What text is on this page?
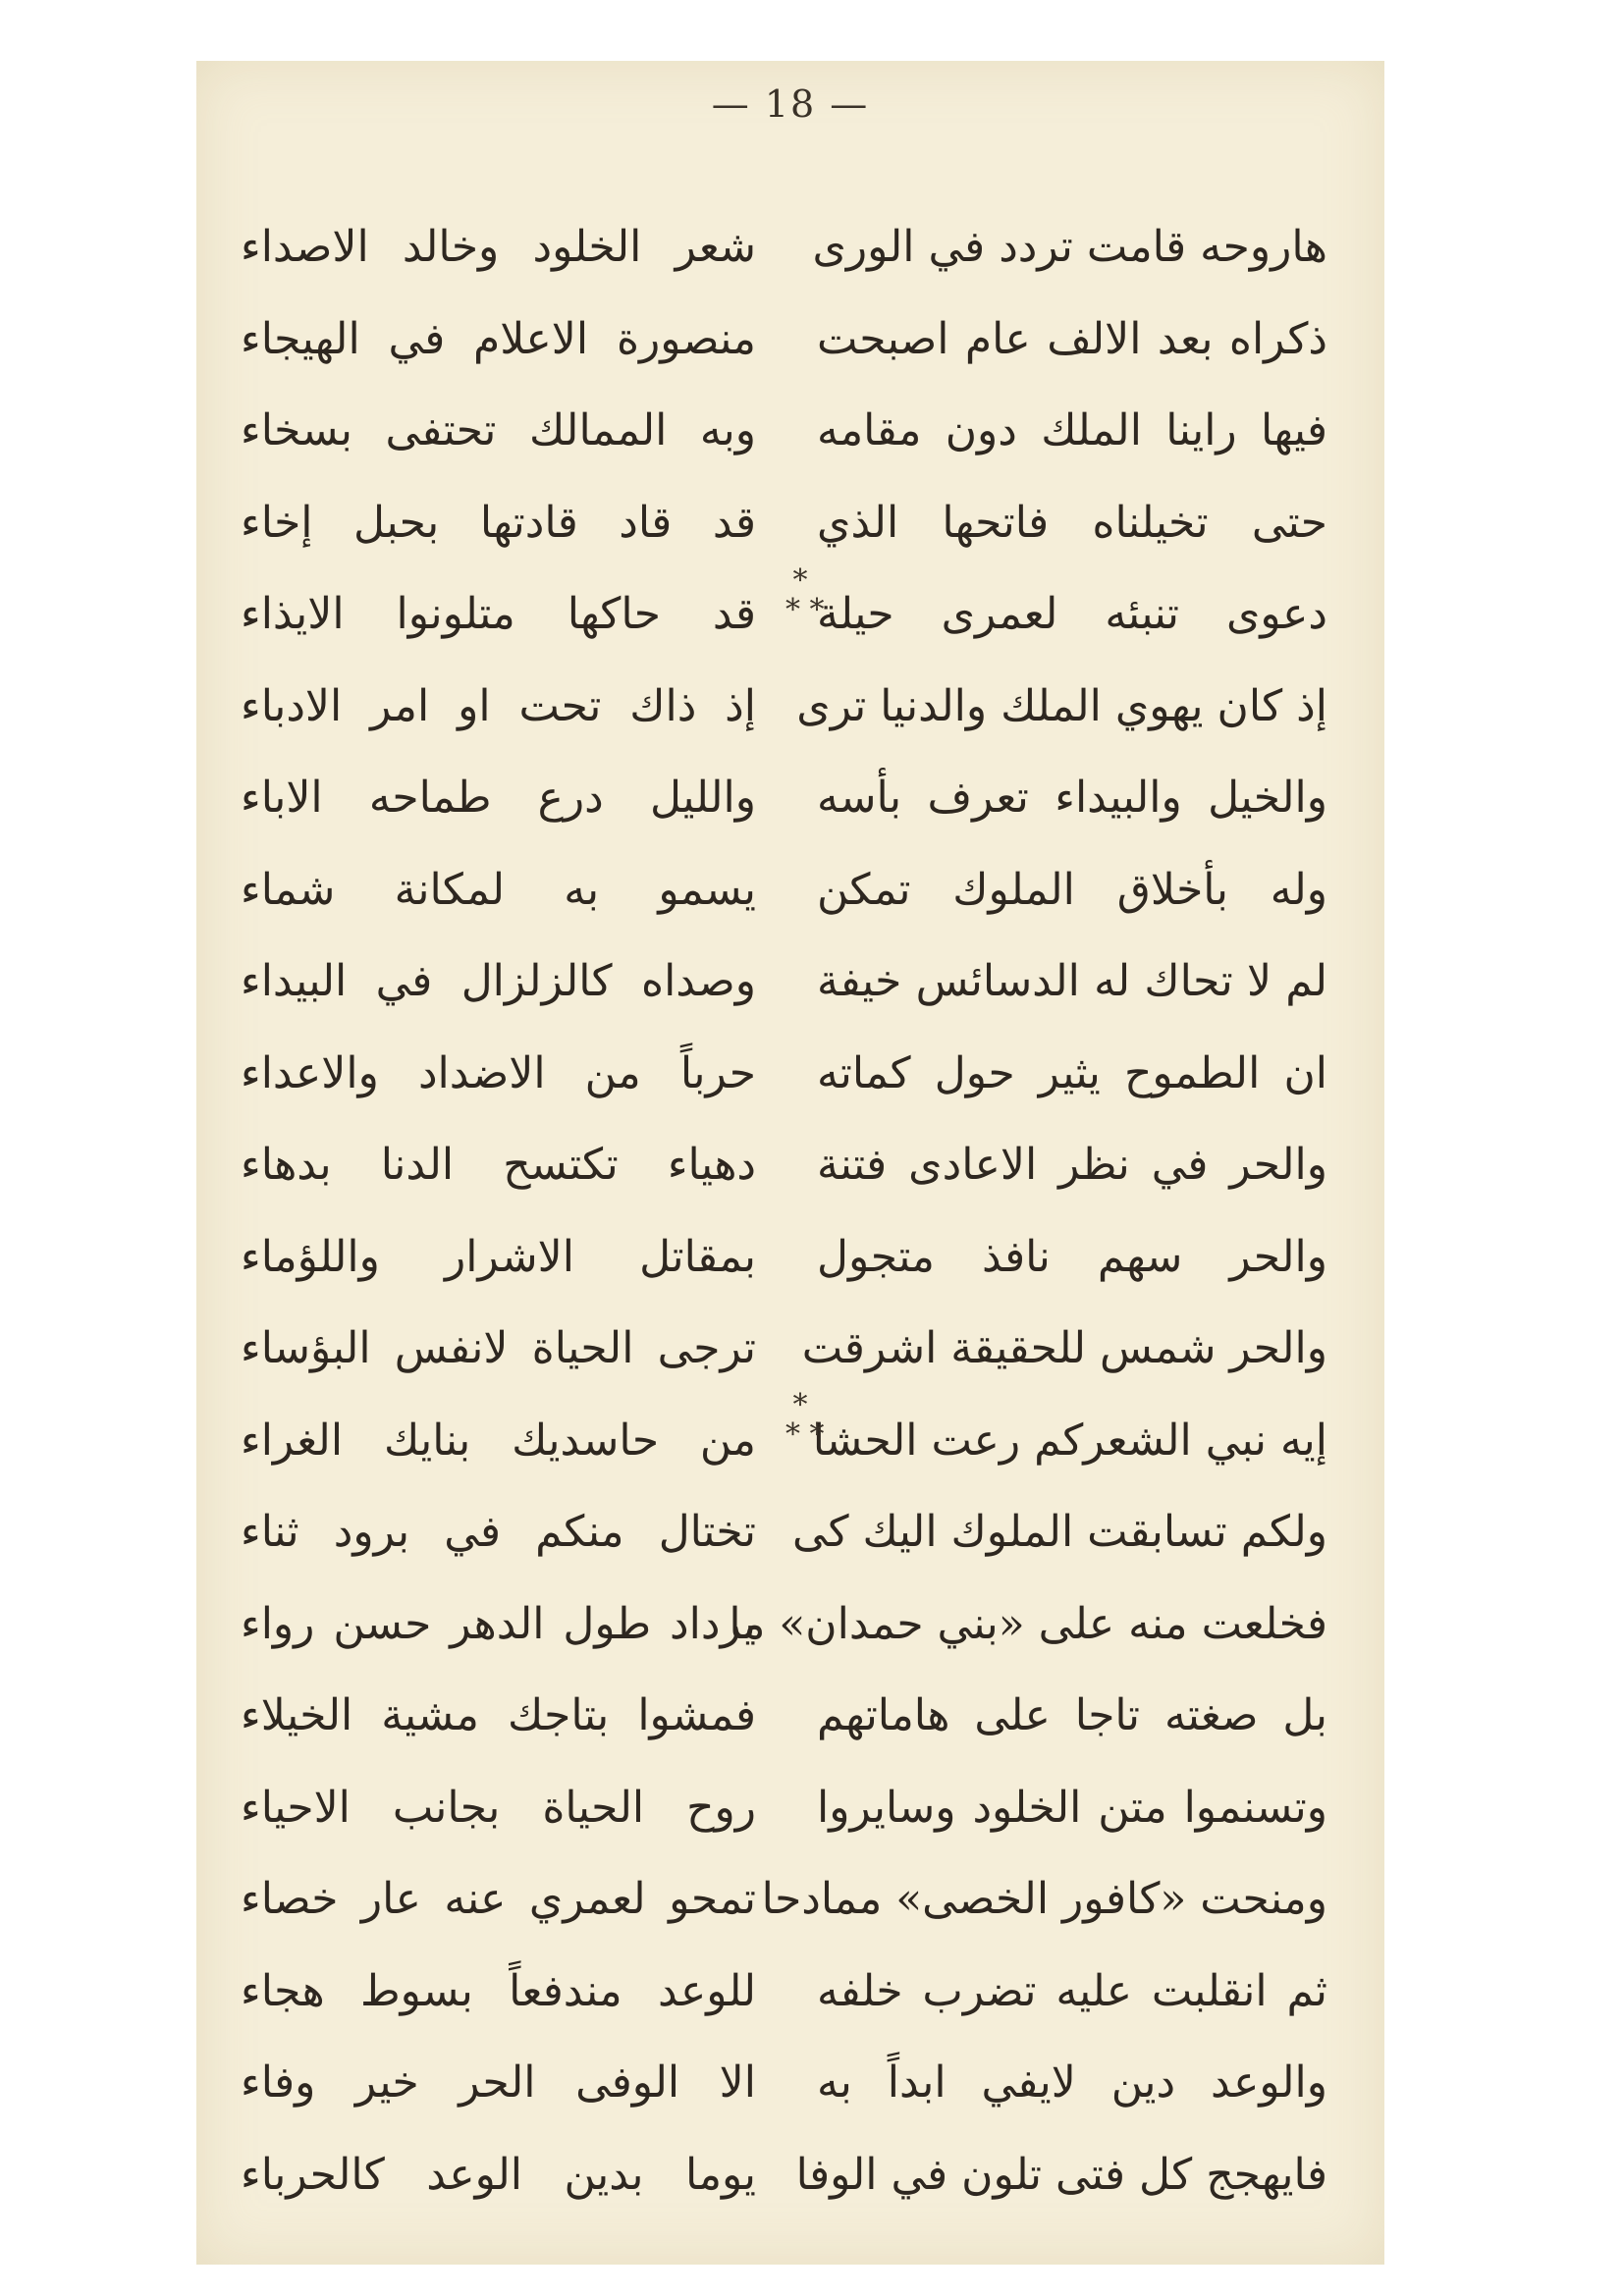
— 18 —
هاروحه قامت تردد في الورى
شعر الخلود وخالد الاصداء
ذكراه بعد الالف عام اصبحت
منصورة الاعلام في الهيجاء
فيها راينا الملك دون مقامه
وبه الممالك تحتفى بسخاء
حتى تخيلناه فاتحها الذي
قد قاد قادتها بحبل إخاء
دعوى تنبئه لعمرى حيلة
قد حاكها متلونوا الايذاء
إذ كان يهوي الملك والدنيا ترى
إذ ذاك تحت او امر الادباء
والخيل والبيداء تعرف بأسه
والليل درع طماحه الاباء
وله بأخلاق الملوك تمكن
يسمو به لمكانة شماء
لم لا تحاك له الدسائس خيفة
وصداه كالزلزال في البيداء
ان الطموح يثير حول كماته
حرباً من الاضداد والاعداء
والحر في نظر الاعادى فتنة
دهياء تكتسح الدنا بدهاء
والحر سهم نافذ متجول
بمقاتل الاشرار واللؤماء
والحر شمس للحقيقة اشرقت
ترجى الحياة لانفس البؤساء
إيه نبي الشعركم رعت الحشا
من حاسديك بنايك الغراء
ولكم تسابقت الملوك اليك كى
تختال منكم في برود ثناء
فخلعت منه على «بني حمدان» ما
يزداد طول الدهر حسن رواء
بل صغته تاجا على هاماتهم
فمشوا بتاجك مشية الخيلاء
وتسنموا متن الخلود وسايروا
روح الحياة بجانب الاحياء
ومنحت «كافور الخصى» ممادحا
تمحو لعمري عنه عار خصاء
ثم انقلبت عليه تضرب خلفه
للوعد مندفعاً بسوط هجاء
والوعد دين لايفي ابداً به
الا الوفى الحر خير وفاء
فايهجج كل فتى تلون في الوفا
يوما بدين الوعد كالحرباء
*
* *
*
* *
